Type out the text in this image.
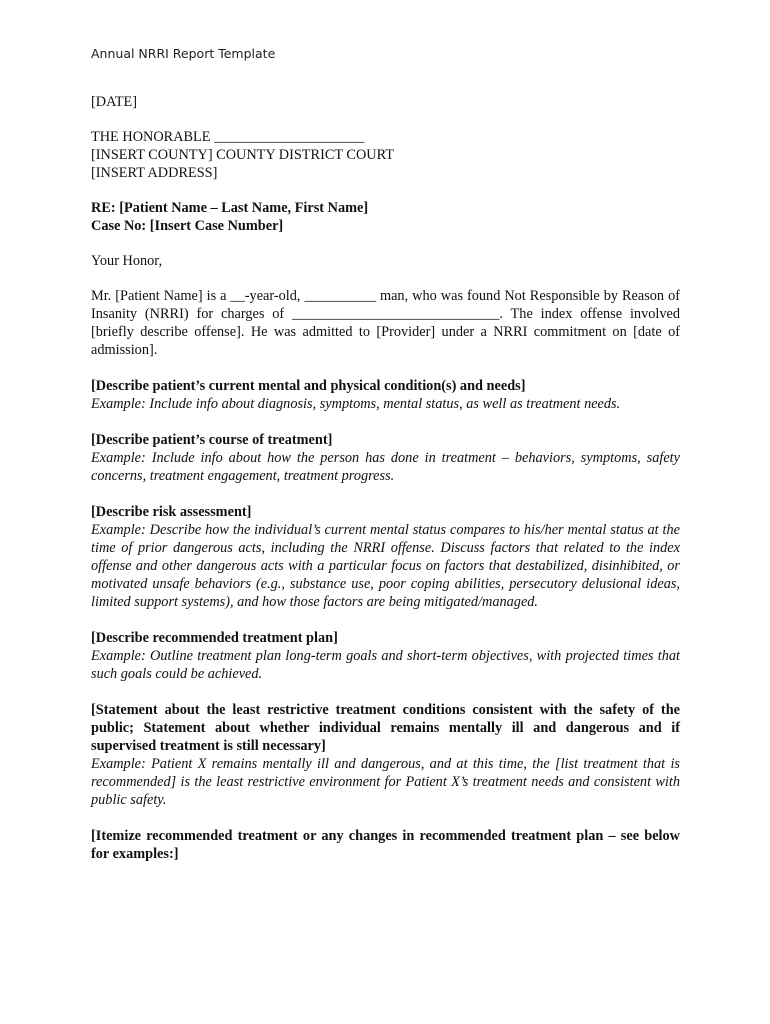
Annual NRRI Report Template

[DATE]

THE HONORABLE _____________________

[INSERT COUNTY] COUNTY DISTRICT COURT

[INSERT ADDRESS]

RE: [Patient Name – Last Name, First Name]

Case No: [Insert Case Number]

Your Honor,

Mr. [Patient Name] is a __-year-old, __________ man, who was found Not Responsible by Reason of Insanity (NRRI) for charges of _____________________________. The index offense involved [briefly describe offense]. He was admitted to [Provider] under a NRRI commitment on [date of admission].

[Describe patient’s current mental and physical condition(s) and needs]

Example: Include info about diagnosis, symptoms, mental status, as well as treatment needs.

[Describe patient’s course of treatment]

Example: Include info about how the person has done in treatment – behaviors, symptoms, safety concerns, treatment engagement, treatment progress.

[Describe risk assessment]

Example: Describe how the individual’s current mental status compares to his/her mental status at the time of prior dangerous acts, including the NRRI offense. Discuss factors that related to the index offense and other dangerous acts with a particular focus on factors that destabilized, disinhibited, or motivated unsafe behaviors (e.g., substance use, poor coping abilities, persecutory delusional ideas, limited support systems), and how those factors are being mitigated/managed.

[Describe recommended treatment plan]

Example: Outline treatment plan long-term goals and short-term objectives, with projected times that such goals could be achieved.

[Statement about the least restrictive treatment conditions consistent with the safety of the public; Statement about whether individual remains mentally ill and dangerous and if supervised treatment is still necessary]

Example: Patient X remains mentally ill and dangerous, and at this time, the [list treatment that is recommended] is the least restrictive environment for Patient X’s treatment needs and consistent with public safety.

[Itemize recommended treatment or any changes in recommended treatment plan – see below for examples:]
